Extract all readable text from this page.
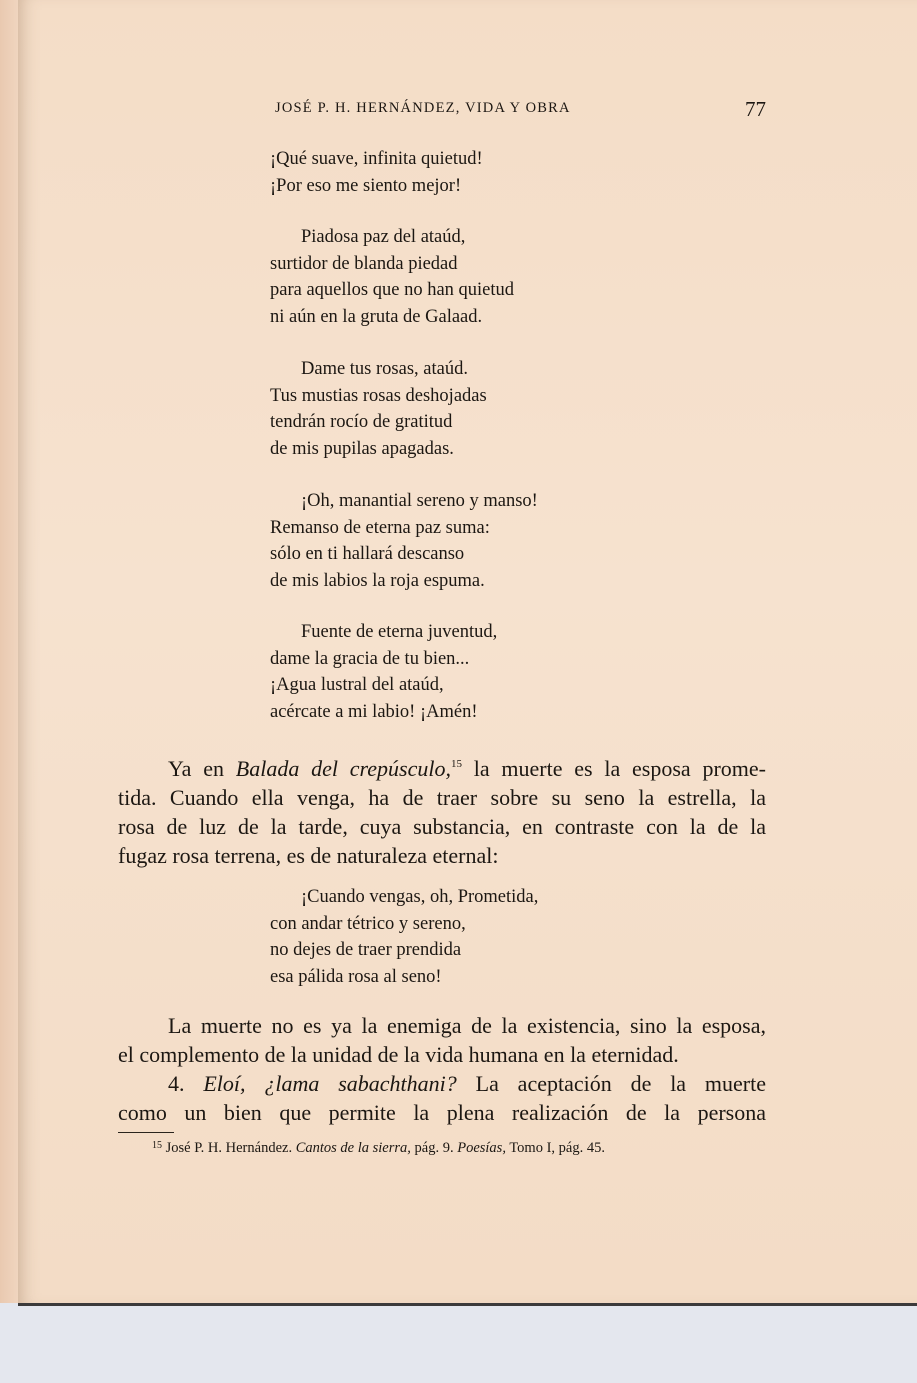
JOSÉ P. H. HERNÁNDEZ, VIDA Y OBRA	77
¡Qué suave, infinita quietud!
¡Por eso me siento mejor!
Piadosa paz del ataúd,
surtidor de blanda piedad
para aquellos que no han quietud
ni aún en la gruta de Galaad.
Dame tus rosas, ataúd.
Tus mustias rosas deshojadas
tendrán rocío de gratitud
de mis pupilas apagadas.
¡Oh, manantial sereno y manso!
Remanso de eterna paz suma:
sólo en ti hallará descanso
de mis labios la roja espuma.
Fuente de eterna juventud,
dame la gracia de tu bien...
¡Agua lustral del ataúd,
acércate a mi labio! ¡Amén!
Ya en Balada del crepúsculo,$^{15}$ la muerte es la esposa prome-
tida. Cuando ella venga, ha de traer sobre su seno la estrella, la
rosa de luz de la tarde, cuya substancia, en contraste con la de la
fugaz rosa terrena, es de naturaleza eternal:
¡Cuando vengas, oh, Prometida,
con andar tétrico y sereno,
no dejes de traer prendida
esa pálida rosa al seno!
La muerte no es ya la enemiga de la existencia, sino la esposa,
el complemento de la unidad de la vida humana en la eternidad.
4. Eloí, ¿lama sabachthani? La aceptación de la muerte
como un bien que permite la plena realización de la persona
$^{15}$ José P. H. Hernández. Cantos de la sierra, pág. 9. Poesías, Tomo I, pág. 45.
